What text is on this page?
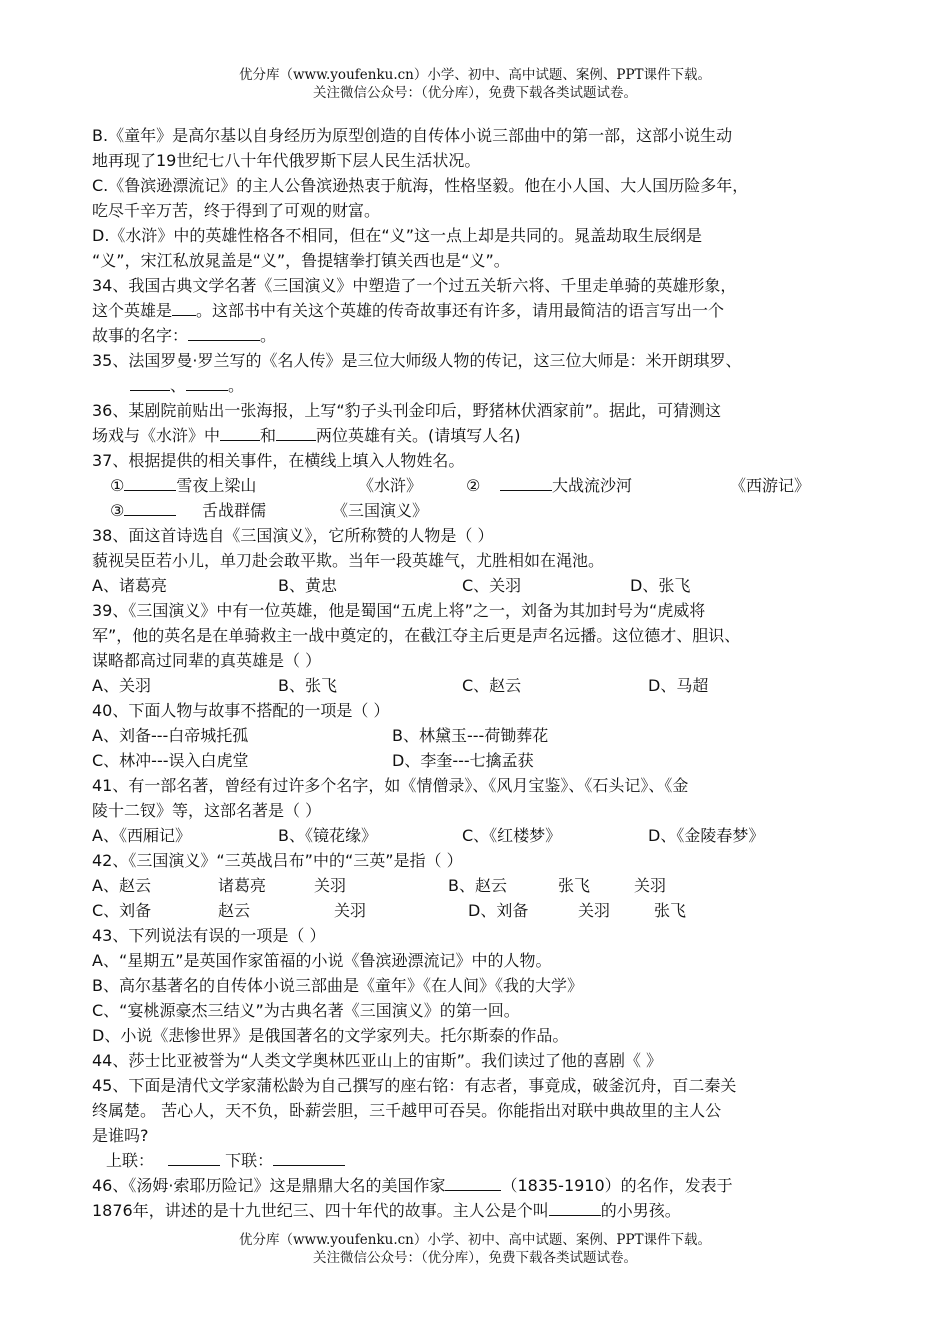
优分库（www.youfenku.cn）小学、初中、高中试题、案例、PPT课件下载。
关注微信公众号：（优分库），免费下载各类试题试卷。
B.《童年》是高尔基以自身经历为原型创造的自传体小说三部曲中的第一部，这部小说生动
地再现了19世纪七八十年代俄罗斯下层人民生活状况。
C.《鲁滨逊漂流记》的主人公鲁滨逊热衷于航海，性格坚毅。他在小人国、大人国历险多年，
吃尽千辛万苦，终于得到了可观的财富。
D.《水浒》中的英雄性格各不相同，但在“义”这一点上却是共同的。晁盖劫取生辰纲是
“义”，宋江私放晁盖是“义”，鲁提辖拳打镇关西也是“义”。
34、我国古典文学名著《三国演义》中塑造了一个过五关斩六将、千里走单骑的英雄形象，
这个英雄是 。这部书中有关这个英雄的传奇故事还有许多，请用最简洁的语言写出一个
故事的名字：	。
35、法国罗曼·罗兰写的《名人传》是三位大师级人物的传记，这三位大师是：米开朗琪罗、
、	。
36、某剧院前贴出一张海报，上写“豹子头刊金印后，野猪林伏酒家前”。据此，可猜测这
场戏与《水浒》中	和	两位英雄有关。(请填写人名)
37、根据提供的相关事件，在横线上填入人物姓名。
①	雪夜上梁山	《水浒》	②	大战流沙河	《西游记》
③	舌战群儒	《三国演义》
38、面这首诗选自《三国演义》，它所称赞的人物是（ ）
藐视吴臣若小儿，单刀赴会敢平欺。当年一段英雄气，尤胜相如在渑池。
A、诸葛亮	B、黄忠	C、关羽	D、张飞
39、《三国演义》中有一位英雄，他是蜀国“五虎上将”之一，刘备为其加封号为“虎威将
军”，他的英名是在单骑救主一战中奠定的，在截江夺主后更是声名远播。这位德才、胆识、
谋略都高过同辈的真英雄是（ ）
A、关羽	B、张飞	C、赵云	D、马超
40、下面人物与故事不搭配的一项是（ ）
A、刘备---白帝城托孤	B、林黛玉---荷锄葬花
C、林冲---误入白虎堂	D、李奎---七擒孟获
41、有一部名著，曾经有过许多个名字，如《情僧录》、《风月宝鉴》、《石头记》、《金
陵十二钗》等，这部名著是（ ）
A、《西厢记》	B、《镜花缘》	C、《红楼梦》	D、《金陵春梦》
42、《三国演义》“三英战吕布”中的“三英”是指（ ）
A、赵云	诸葛亮	关羽	B、赵云	张飞	关羽
C、刘备	赵云	关羽	D、刘备	关羽	张飞
43、下列说法有误的一项是（ ）
A、“星期五”是英国作家笛福的小说《鲁滨逊漂流记》中的人物。
B、高尔基著名的自传体小说三部曲是《童年》《在人间》《我的大学》
C、“宴桃源豪杰三结义”为古典名著《三国演义》的第一回。
D、小说《悲惨世界》是俄国著名的文学家列夫。托尔斯泰的作品。
44、莎士比亚被誉为“人类文学奥林匹亚山上的宙斯”。我们读过了他的喜剧《 》
45、下面是清代文学家蒲松龄为自己撰写的座右铭：有志者，事竟成，破釜沉舟，百二秦关
终属楚。 苦心人，天不负，卧薪尝胆，三千越甲可吞吴。你能指出对联中典故里的主人公
是谁吗?
上联：	下联：
46、《汤姆·索耶历险记》这是鼎鼎大名的美国作家	（1835-1910）的名作，发表于
1876年，讲述的是十九世纪三、四十年代的故事。主人公是个叫	的小男孩。
优分库（www.youfenku.cn）小学、初中、高中试题、案例、PPT课件下载。
关注微信公众号：（优分库），免费下载各类试题试卷。
